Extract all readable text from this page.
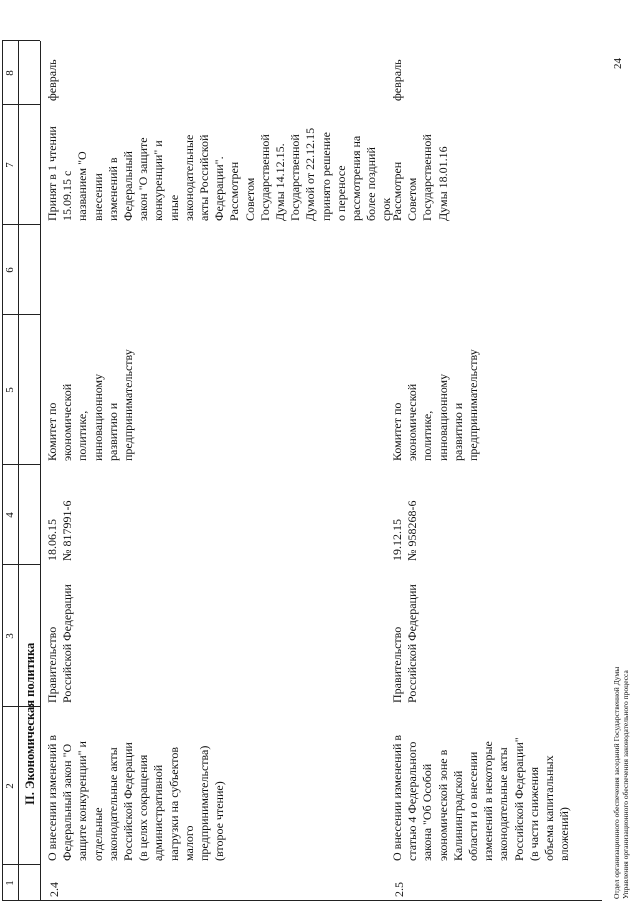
1
2
3
4
5
6
7
8
II. Экономическая политика
2.4
О внесении изменений в
Федеральный закон "О
защите конкуренции" и
отдельные
законодательные акты
Российской Федерации
(в целях сокращения
административной
нагрузки на субъектов
малого
предпринимательства)
(второе чтение)
Правительство
Российской Федерации
18.06.15
№ 817991-6
Комитет по
экономической
политике,
инновационному
развитию и
предпринимательству
Принят в 1 чтении
15.09.15 с
названием "О
внесении
изменений в
Федеральный
закон "О защите
конкуренции" и
иные
законодательные
акты Российской
Федерации".
Рассмотрен
Советом
Государственной
Думы 14.12.15.
Государственной
Думой от 22.12.15
принято решение
о переносе
рассмотрения на
более поздний
срок
февраль
2.5
О внесении изменений в
статью 4 Федерального
закона "Об Особой
экономической зоне в
Калининградской
области и о внесении
изменений в некоторые
законодательные акты
Российской Федерации"
(в части снижения
объема капитальных
вложений)
Правительство
Российской Федерации
19.12.15
№ 958268-6
Комитет по
экономической
политике,
инновационному
развитию и
предпринимательству
Рассмотрен
Советом
Государственной
Думы 18.01.16
февраль
Отдел организационного обеспечения заседаний Государственной Думы
Управления организационного обеспечения законодательного процесса
24
